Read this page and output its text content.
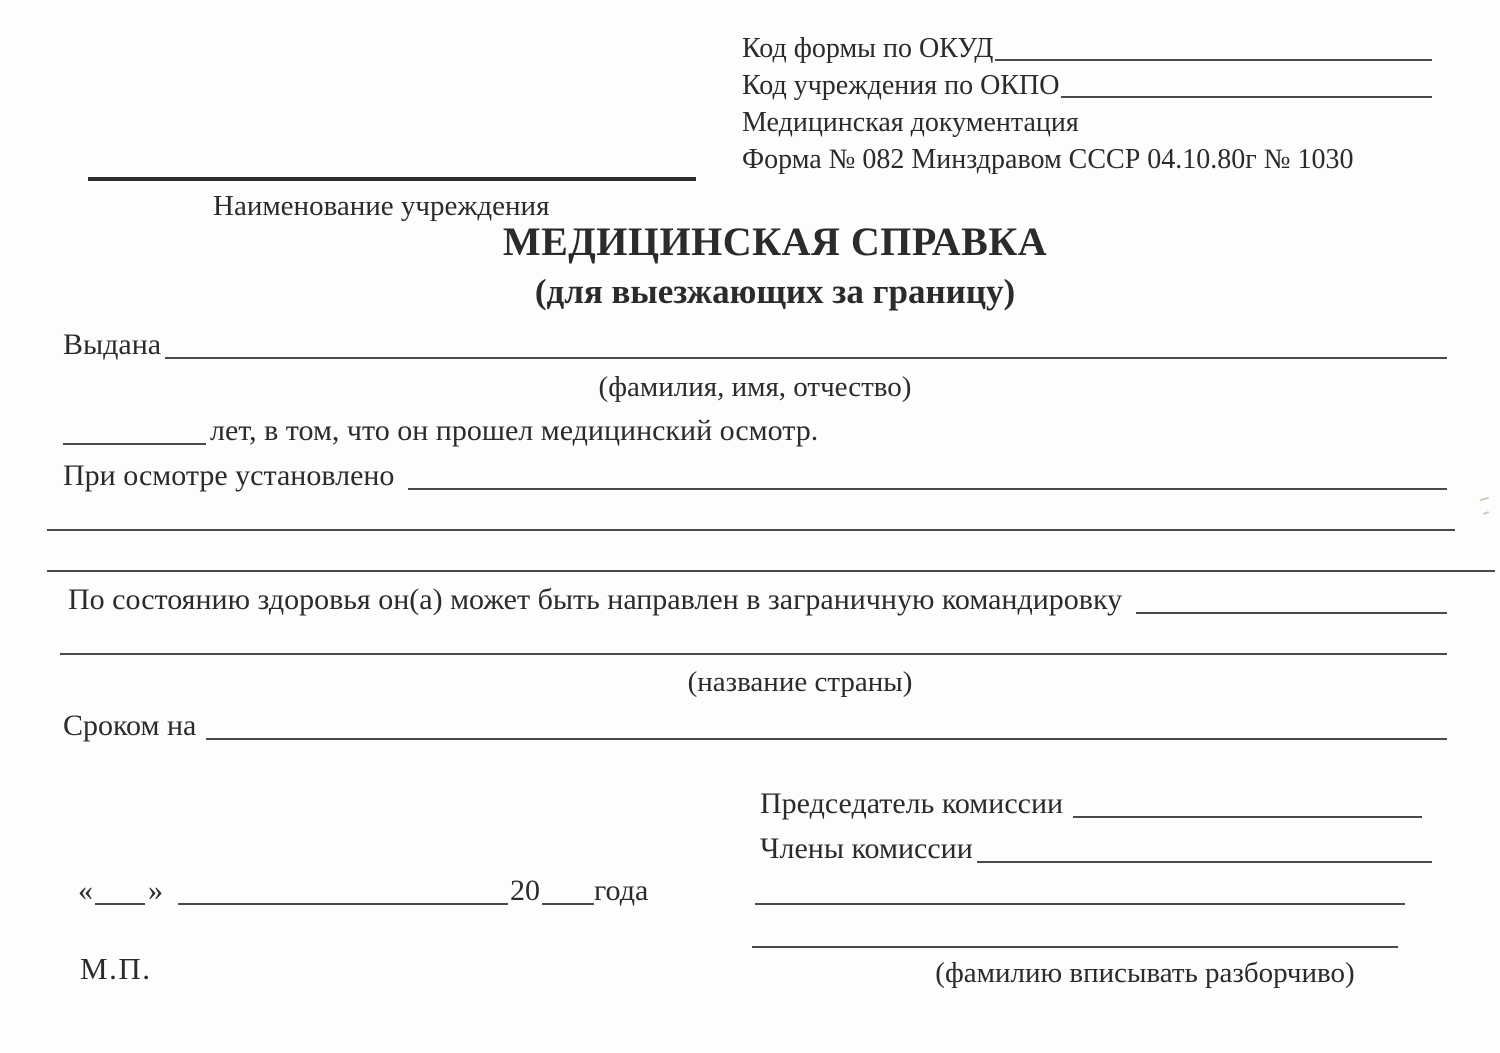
Код формы по ОКУД
Код учреждения по ОКПО
Медицинская документация
Форма № 082 Минздравом СССР 04.10.80г № 1030
Наименование учреждения
МЕДИЦИНСКАЯ СПРАВКА
(для выезжающих за границу)
Выдана
(фамилия, имя, отчество)
лет, в том, что он прошел медицинский осмотр.
При осмотре установлено
По состоянию здоровья он(а) может быть направлен в заграничную командировку
(название страны)
Сроком на
Председатель комиссии
Члены комиссии
(фамилию вписывать разборчиво)
« »	20 года
М.П.
